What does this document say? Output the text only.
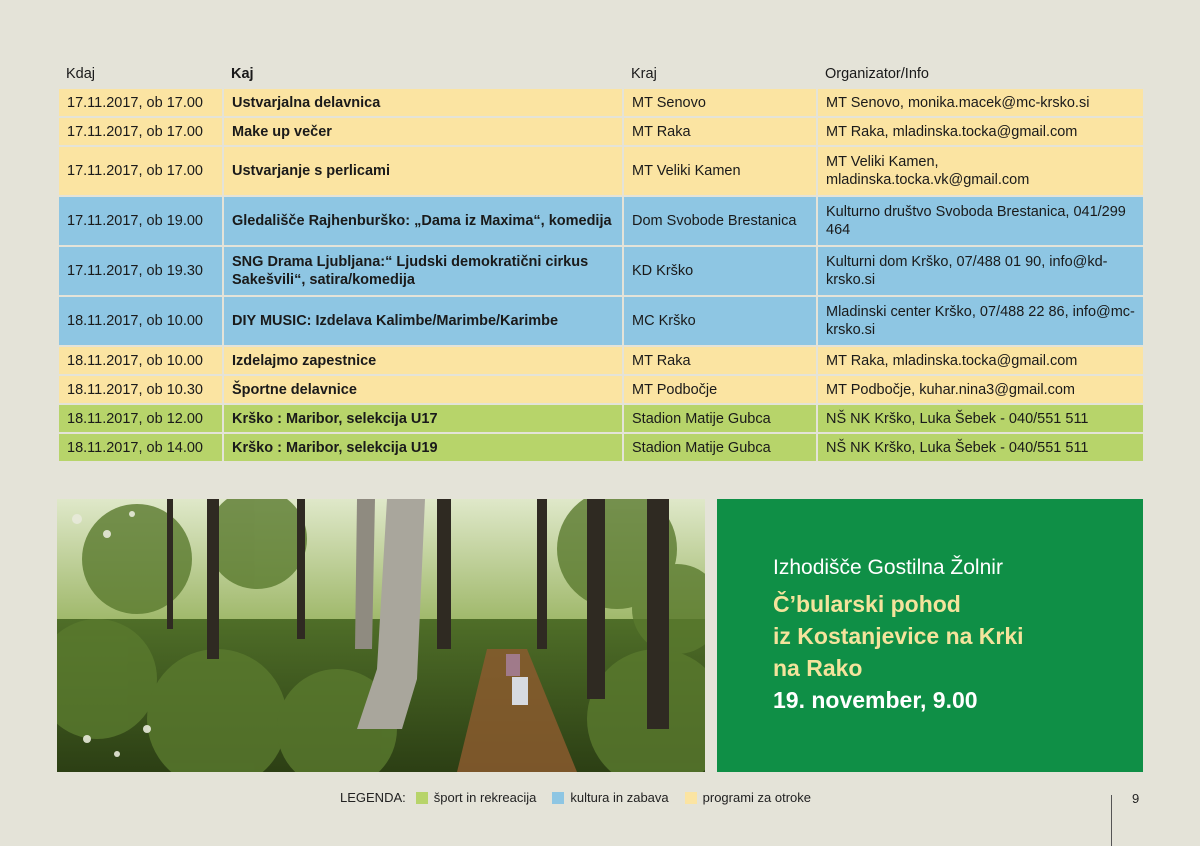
Kdaj	Kaj	Kraj	Organizator/Info
17.11.2017, ob 17.00	Ustvarjalna delavnica	MT Senovo	MT Senovo, monika.macek@mc-krsko.si
17.11.2017, ob 17.00	Make up večer	MT Raka	MT Raka, mladinska.tocka@gmail.com
17.11.2017, ob 17.00	Ustvarjanje s perlicami	MT Veliki Kamen	MT Veliki Kamen, mladinska.tocka.vk@gmail.com
17.11.2017, ob 19.00	Gledališče Rajhenburško: „Dama iz Maxima“, komedija	Dom Svobode Brestanica	Kulturno društvo Svoboda Brestanica, 041/299 464
17.11.2017, ob 19.30	SNG Drama Ljubljana:“ Ljudski demokratični cirkus Sakešvili“, satira/komedija	KD Krško	Kulturni dom Krško, 07/488 01 90, info@kd-krsko.si
18.11.2017, ob 10.00	DIY MUSIC: Izdelava Kalimbe/Marimbe/Karimbe	MC Krško	Mladinski center Krško, 07/488 22 86, info@mc-krsko.si
18.11.2017, ob 10.00	Izdelajmo zapestnice	MT Raka	MT Raka, mladinska.tocka@gmail.com
18.11.2017, ob 10.30	Športne delavnice	MT Podbočje	MT Podbočje, kuhar.nina3@gmail.com
18.11.2017, ob 12.00	Krško : Maribor, selekcija U17	Stadion Matije Gubca	NŠ NK Krško, Luka Šebek - 040/551 511
18.11.2017, ob 14.00	Krško : Maribor, selekcija U19	Stadion Matije Gubca	NŠ NK Krško, Luka Šebek - 040/551 511
Izhodišče Gostilna Žolnir
Č’bularski pohod
iz Kostanjevice na Krki
na Rako
19. november, 9.00
LEGENDA: šport in rekreacija	kultura in zabava	programi za otroke	9
